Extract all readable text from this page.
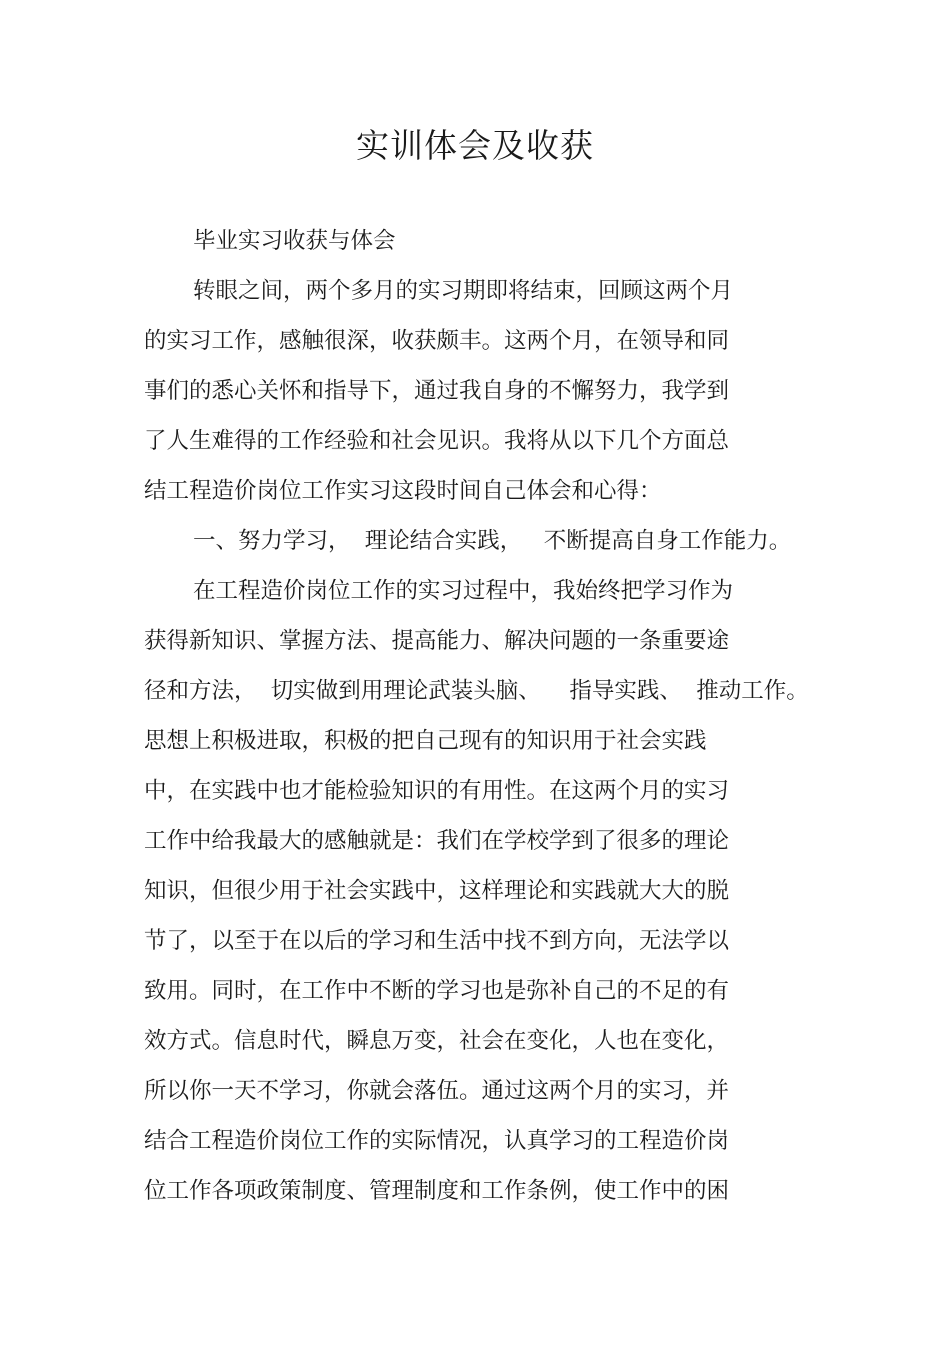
实训体会及收获

毕业实习收获与体会

转眼之间，两个多月的实习期即将结束，回顾这两个月

的实习工作，感触很深，收获颇丰。这两个月，在领导和同

事们的悉心关怀和指导下，通过我自身的不懈努力，我学到

了人生难得的工作经验和社会见识。我将从以下几个方面总

结工程造价岗位工作实习这段时间自己体会和心得：

一、努力学习，  理论结合实践，   不断提高自身工作能力。

在工程造价岗位工作的实习过程中，我始终把学习作为

获得新知识、掌握方法、提高能力、解决问题的一条重要途

径和方法，  切实做到用理论武装头脑、    指导实践、  推动工作。

思想上积极进取，积极的把自己现有的知识用于社会实践

中，在实践中也才能检验知识的有用性。在这两个月的实习

工作中给我最大的感触就是：我们在学校学到了很多的理论

知识，但很少用于社会实践中，这样理论和实践就大大的脱

节了，以至于在以后的学习和生活中找不到方向，无法学以

致用。同时，在工作中不断的学习也是弥补自己的不足的有

效方式。信息时代，瞬息万变，社会在变化，人也在变化，

所以你一天不学习，你就会落伍。通过这两个月的实习，并

结合工程造价岗位工作的实际情况，认真学习的工程造价岗

位工作各项政策制度、管理制度和工作条例，使工作中的困
